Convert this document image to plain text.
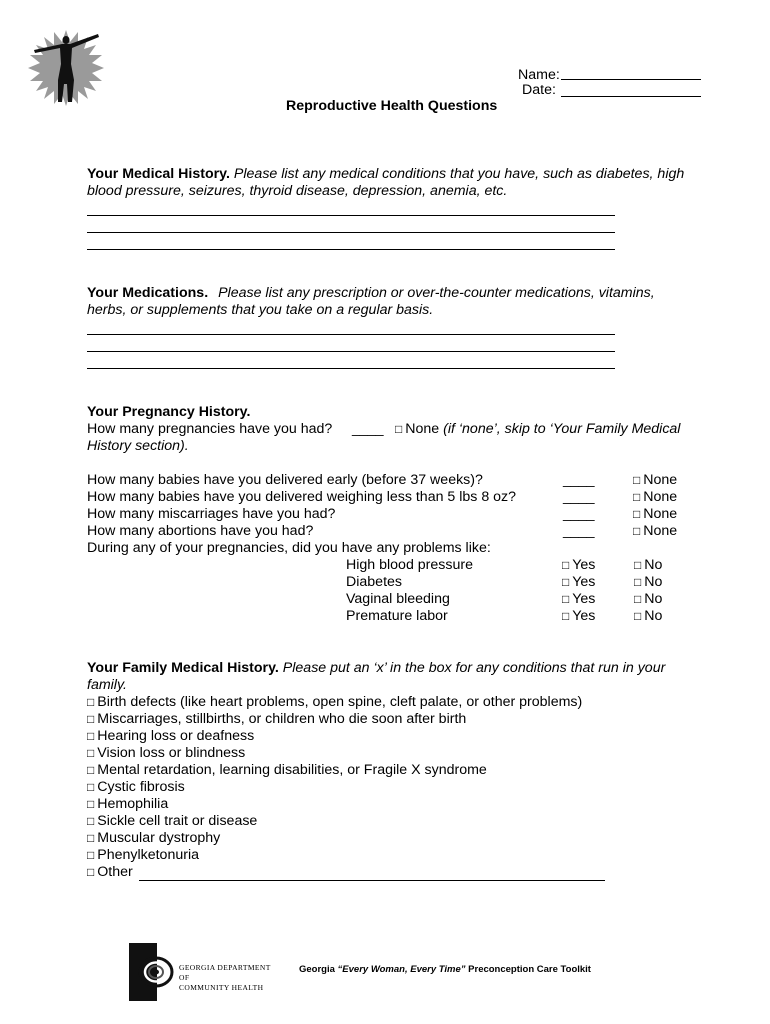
Name:
Date:
Reproductive Health Questions
Your Medical History. Please list any medical conditions that you have, such as diabetes, high
blood pressure, seizures, thyroid disease, depression, anemia, etc.
Your Medications. Please list any prescription or over-the-counter medications, vitamins,
herbs, or supplements that you take on a regular basis.
Your Pregnancy History.
How many pregnancies have you had? ____ □ None (if ‘none’, skip to ‘Your Family Medical
History section).
How many babies have you delivered early (before 37 weeks)?	____	□ None
How many babies have you delivered weighing less than 5 lbs 8 oz?	____	□ None
How many miscarriages have you had?	____	□ None
How many abortions have you had?	____	□ None
During any of your pregnancies, did you have any problems like:
High blood pressure	□ Yes	□ No
Diabetes	□ Yes	□ No
Vaginal bleeding	□ Yes	□ No
Premature labor	□ Yes	□ No
Your Family Medical History. Please put an ‘x’ in the box for any conditions that run in your
family.
□ Birth defects (like heart problems, open spine, cleft palate, or other problems)
□ Miscarriages, stillbirths, or children who die soon after birth
□ Hearing loss or deafness
□ Vision loss or blindness
□ Mental retardation, learning disabilities, or Fragile X syndrome
□ Cystic fibrosis
□ Hemophilia
□ Sickle cell trait or disease
□ Muscular dystrophy
□ Phenylketonuria
□ Other
GEORGIA DEPARTMENT OF
COMMUNITY HEALTH
Georgia “Every Woman, Every Time” Preconception Care Toolkit
